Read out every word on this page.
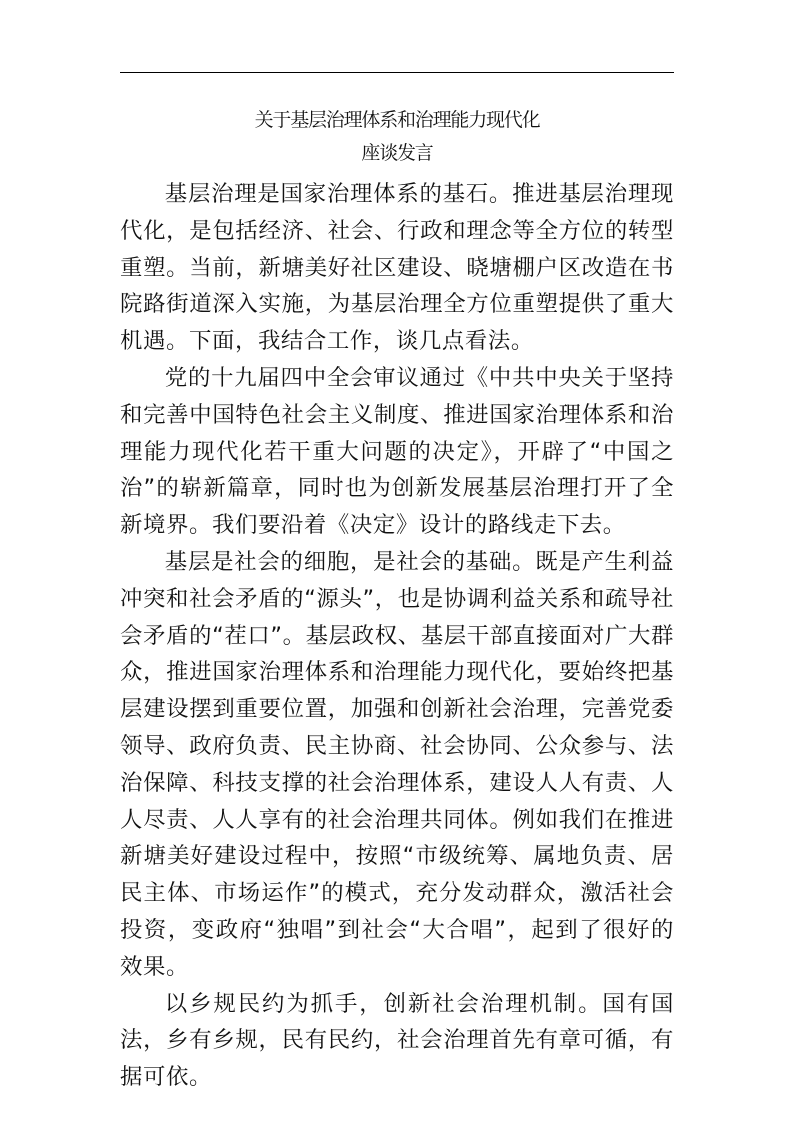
关于基层治理体系和治理能力现代化
座谈发言

基层治理是国家治理体系的基石。推进基层治理现代化，是包括经济、社会、行政和理念等全方位的转型重塑。当前，新塘美好社区建设、晓塘棚户区改造在书院路街道深入实施，为基层治理全方位重塑提供了重大机遇。下面，我结合工作，谈几点看法。

党的十九届四中全会审议通过《中共中央关于坚持和完善中国特色社会主义制度、推进国家治理体系和治理能力现代化若干重大问题的决定》，开辟了“中国之治”的崭新篇章，同时也为创新发展基层治理打开了全新境界。我们要沿着《决定》设计的路线走下去。

基层是社会的细胞，是社会的基础。既是产生利益冲突和社会矛盾的“源头”，也是协调利益关系和疏导社会矛盾的“茬口”。基层政权、基层干部直接面对广大群众，推进国家治理体系和治理能力现代化，要始终把基层建设摆到重要位置，加强和创新社会治理，完善党委领导、政府负责、民主协商、社会协同、公众参与、法治保障、科技支撑的社会治理体系，建设人人有责、人人尽责、人人享有的社会治理共同体。例如我们在推进新塘美好建设过程中，按照“市级统筹、属地负责、居民主体、市场运作”的模式，充分发动群众，激活社会投资，变政府“独唱”到社会“大合唱”，起到了很好的效果。

以乡规民约为抓手，创新社会治理机制。国有国法，乡有乡规，民有民约，社会治理首先有章可循，有据可依。
